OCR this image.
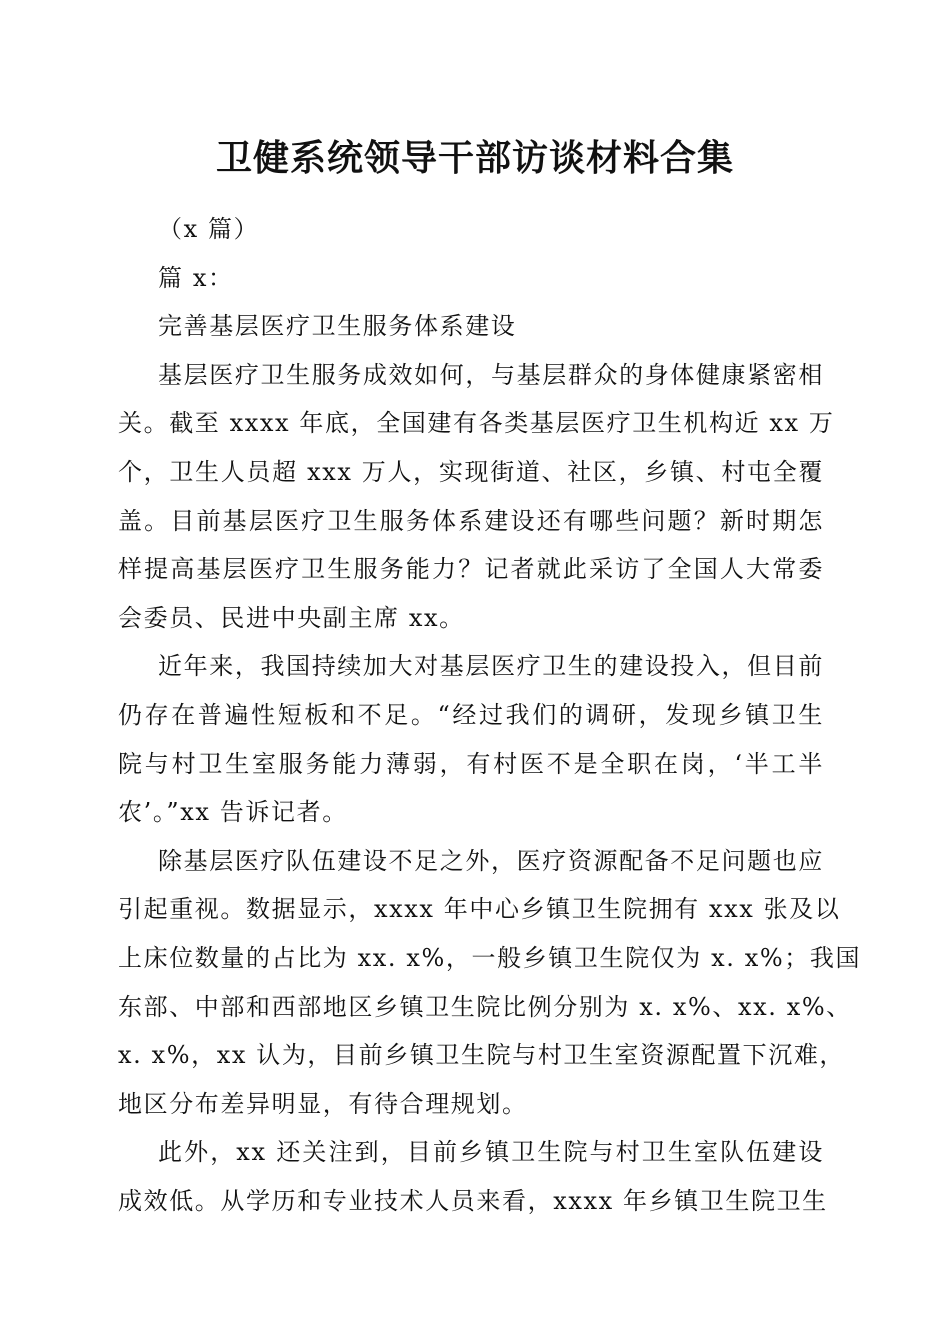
卫健系统领导干部访谈材料合集
（x 篇）
篇 x：
完善基层医疗卫生服务体系建设
基层医疗卫生服务成效如何，与基层群众的身体健康紧密相
关。截至 xxxx 年底，全国建有各类基层医疗卫生机构近 xx 万
个，卫生人员超 xxx 万人，实现街道、社区，乡镇、村屯全覆
盖。目前基层医疗卫生服务体系建设还有哪些问题？新时期怎
样提高基层医疗卫生服务能力？记者就此采访了全国人大常委
会委员、民进中央副主席 xx。
近年来，我国持续加大对基层医疗卫生的建设投入，但目前
仍存在普遍性短板和不足。“经过我们的调研，发现乡镇卫生
院与村卫生室服务能力薄弱，有村医不是全职在岗，‘半工半
农’。”xx 告诉记者。
除基层医疗队伍建设不足之外，医疗资源配备不足问题也应
引起重视。数据显示，xxxx 年中心乡镇卫生院拥有 xxx 张及以
上床位数量的占比为 xx. x%，一般乡镇卫生院仅为 x. x%；我国
东部、中部和西部地区乡镇卫生院比例分别为 x. x%、xx. x%、
x. x%，xx 认为，目前乡镇卫生院与村卫生室资源配置下沉难，
地区分布差异明显，有待合理规划。
此外，xx 还关注到，目前乡镇卫生院与村卫生室队伍建设
成效低。从学历和专业技术人员来看，xxxx 年乡镇卫生院卫生
